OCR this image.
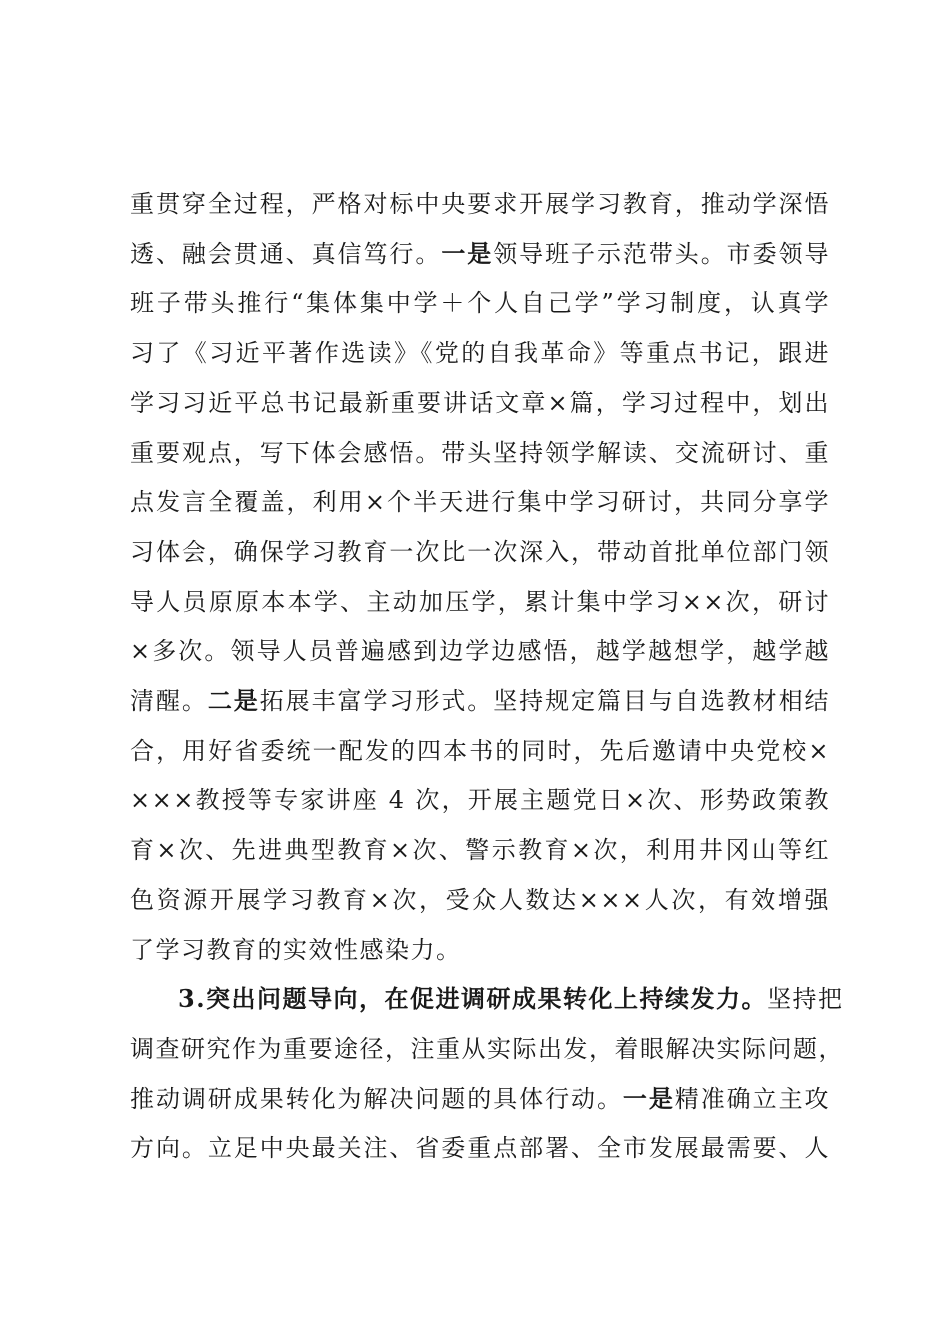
重贯穿全过程，严格对标中央要求开展学习教育，推动学深悟
透、融会贯通、真信笃行。一是领导班子示范带头。市委领导
班子带头推行“集体集中学＋个人自己学”学习制度，认真学
习了《习近平著作选读》《党的自我革命》等重点书记，跟进
学习习近平总书记最新重要讲话文章×篇，学习过程中，划出
重要观点，写下体会感悟。带头坚持领学解读、交流研讨、重
点发言全覆盖，利用×个半天进行集中学习研讨，共同分享学
习体会，确保学习教育一次比一次深入，带动首批单位部门领
导人员原原本本学、主动加压学，累计集中学习××次，研讨
×多次。领导人员普遍感到边学边感悟，越学越想学，越学越
清醒。二是拓展丰富学习形式。坚持规定篇目与自选教材相结
合，用好省委统一配发的四本书的同时，先后邀请中央党校×
×××教授等专家讲座 4 次，开展主题党日×次、形势政策教
育×次、先进典型教育×次、警示教育×次，利用井冈山等红
色资源开展学习教育×次，受众人数达×××人次，有效增强
了学习教育的实效性感染力。
3.突出问题导向，在促进调研成果转化上持续发力。坚持把
调查研究作为重要途径，注重从实际出发，着眼解决实际问题，
推动调研成果转化为解决问题的具体行动。一是精准确立主攻
方向。立足中央最关注、省委重点部署、全市发展最需要、人
